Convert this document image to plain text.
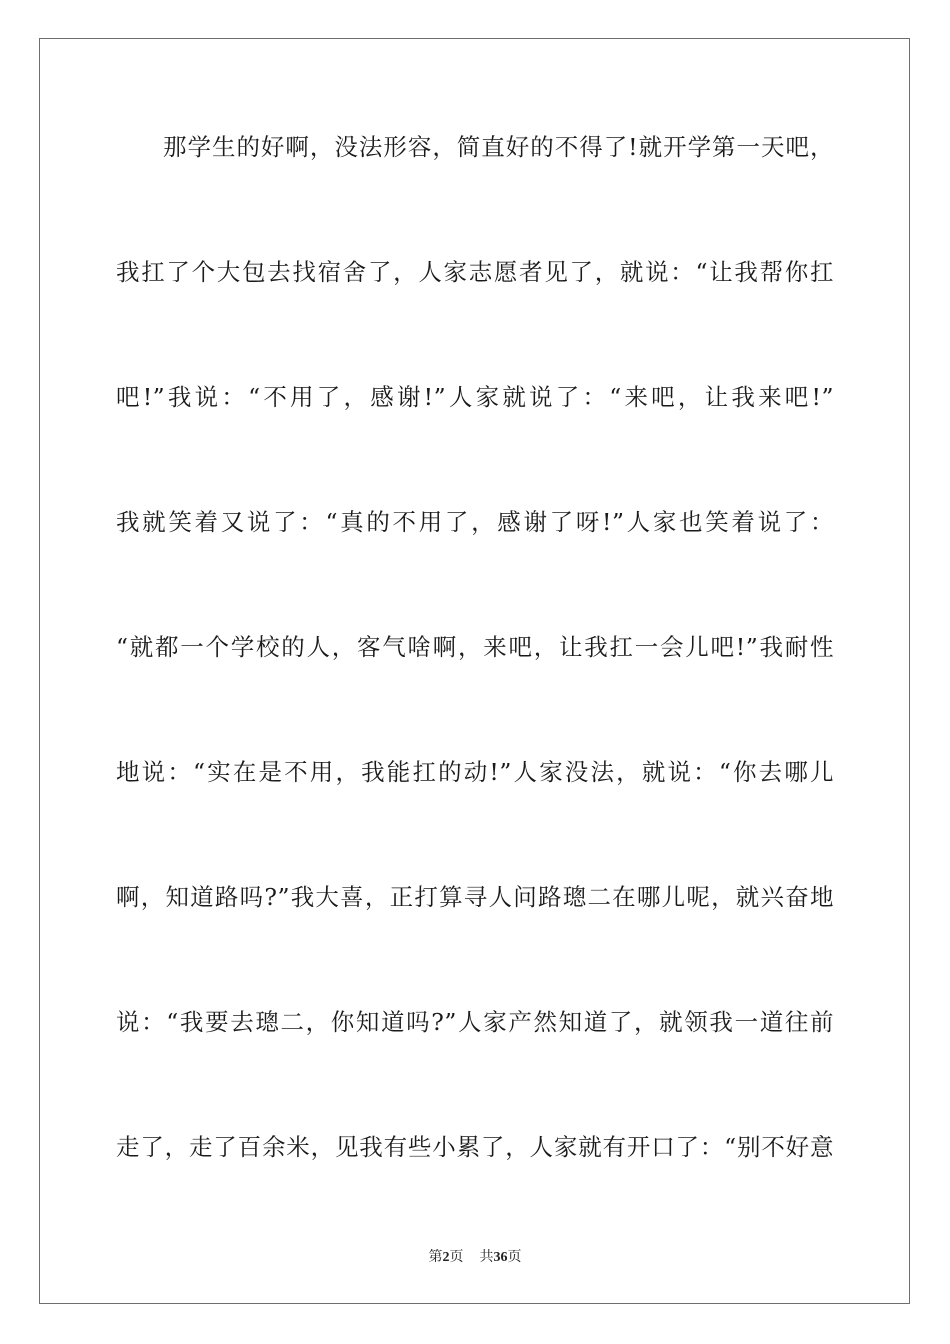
那学生的好啊，没法形容，简直好的不得了!就开学第一天吧，
我扛了个大包去找宿舍了，人家志愿者见了，就说：“让我帮你扛
吧!”我说：“不用了，感谢!”人家就说了：“来吧，让我来吧!”
我就笑着又说了：“真的不用了，感谢了呀!”人家也笑着说了：
“就都一个学校的人，客气啥啊，来吧，让我扛一会儿吧!”我耐性
地说：“实在是不用，我能扛的动!”人家没法，就说：“你去哪儿
啊，知道路吗?”我大喜，正打算寻人问路璁二在哪儿呢，就兴奋地
说：“我要去璁二，你知道吗?”人家产然知道了，就领我一道往前
走了，走了百余米，见我有些小累了，人家就有开口了：“别不好意
第2页 共36页
